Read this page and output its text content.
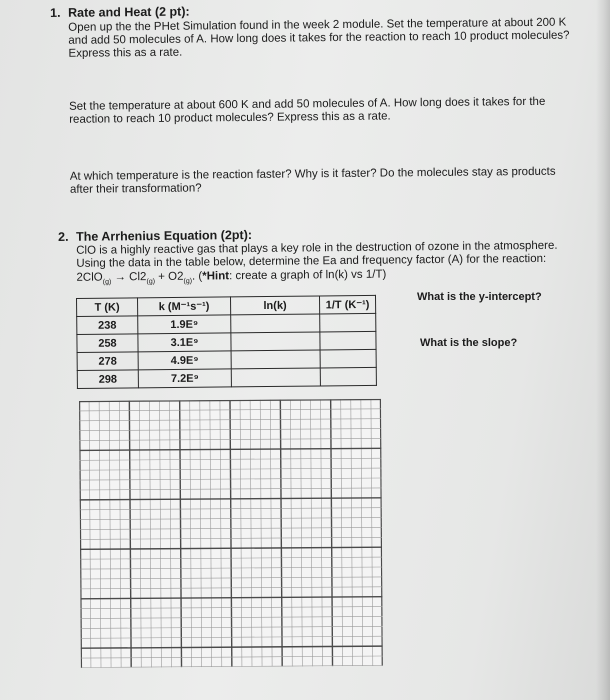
1. Rate and Heat (2 pt):

Open up the the PHet Simulation found in the week 2 module. Set the temperature at about 200 K and add 50 molecules of A. How long does it takes for the reaction to reach 10 product molecules? Express this as a rate.

Set the temperature at about 600 K and add 50 molecules of A. How long does it takes for the reaction to reach 10 product molecules? Express this as a rate.

At which temperature is the reaction faster? Why is it faster? Do the molecules stay as products after their transformation?

2. The Arrhenius Equation (2pt):

ClO is a highly reactive gas that plays a key role in the destruction of ozone in the atmosphere. Using the data in the table below, determine the Ea and frequency factor (A) for the reaction:

$2ClO_{(g)} \to Cl2_{(g)} + O2_{(g)}$. (*Hint: create a graph of ln(k) vs 1/T)

T (K)	k (M⁻¹s⁻¹)	ln(k)	1/T (K⁻¹)
238	1.9E⁹		
258	3.1E⁹		
278	4.9E⁹		
298	7.2E⁹		
What is the y-intercept?
What is the slope?
